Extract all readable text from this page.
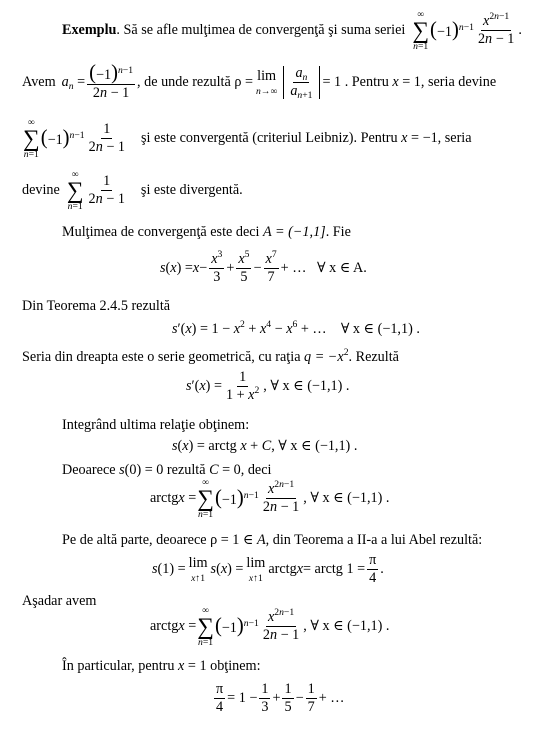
Exemplu . Să se afle mulţimea de convergenţă şi suma seriei
∞
∑
n=1
$(-1)^{n-1} \frac{x^{2n-1}}{2n - 1}$ .
Avem $a_n = \frac{(-1)^{n-1}}{2n - 1}$ , de unde rezultă ρ = lim
$n\to\infty \frac{a_n}{a_{n+1}} = 1$ . Pentru
x
= 1, seria devine
∞
∑
n=1
$(-1)^{n-1} \frac{1}{2n - 1}$ şi este convergentă (criteriul Leibniz). Pentru
x
= −1, seria
devine
∞
∑
$n=1 \frac{1}{2n - 1}$ şi este divergentă.
Mulţimea de convergenţă este deci A = (−1,1]. Fie
s ( x ) = $x - \frac{x^3}{3} + \frac{x^5}{5} - \frac{x^7}{7}$ + … ∀ x ∈ A.
Din Teorema 2.4.5 rezultă
$s'(x) = 1 - x^2 + x^4 - x^6$ + …    ∀ x ∈ (−1,1) .
Seria din dreapta este o serie geometrică, cu raţia $q = -x^2$. Rezultă
s ′( x ) = $\frac{1}{1 + x^2}$ , ∀ x ∈ (−1,1) .
Integrând ultima relaţie obţinem:
s(x) = arctg x + C, ∀ x ∈ (−1,1) .
Deoarece s(0) = 0 rezultă C = 0, deci
arctg x =
∞
∑
n=1
$(-1)^{n-1} \frac{x^{2n-1}}{2n - 1}$ , ∀ x ∈ (−1,1) .
Pe de altă parte, deoarece ρ = 1 ∈ A, din Teorema a II-a a lui Abel rezultă:
s (1) = lim
x↑1
s ( x ) = lim
x↑1
arctg x = arctg $1 = \frac{\pi}{4}$ .
Aşadar avem
arctg x =
∞
∑
n=1
$(-1)^{n-1} \frac{x^{2n-1}}{2n - 1}$ , ∀ x ∈ (−1,1) .
În particular, pentru x = 1 obţinem:
$\frac{\pi}{4} = 1 - \frac{1}{3} + \frac{1}{5} - \frac{1}{7}$ + …
